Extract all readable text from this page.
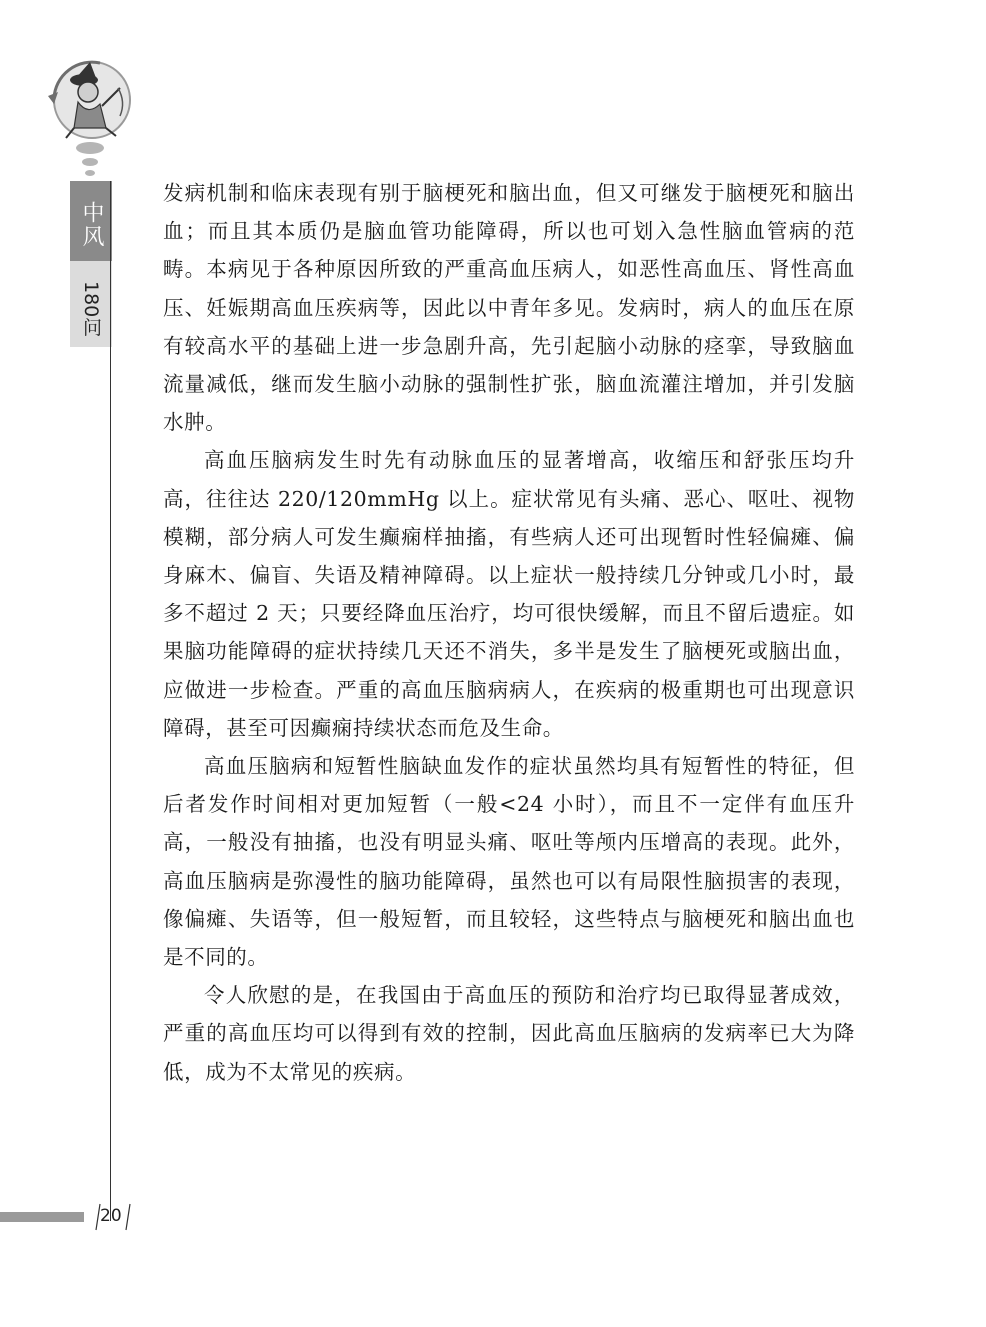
中风
180问

发病机制和临床表现有别于脑梗死和脑出血，但又可继发于脑梗死和脑出血；而且其本质仍是脑血管功能障碍，所以也可划入急性脑血管病的范畴。本病见于各种原因所致的严重高血压病人，如恶性高血压、肾性高血压、妊娠期高血压疾病等，因此以中青年多见。发病时，病人的血压在原有较高水平的基础上进一步急剧升高，先引起脑小动脉的痉挛，导致脑血流量减低，继而发生脑小动脉的强制性扩张，脑血流灌注增加，并引发脑水肿。

高血压脑病发生时先有动脉血压的显著增高，收缩压和舒张压均升高，往往达 220/120mmHg 以上。症状常见有头痛、恶心、呕吐、视物模糊，部分病人可发生癫痫样抽搐，有些病人还可出现暂时性轻偏瘫、偏身麻木、偏盲、失语及精神障碍。以上症状一般持续几分钟或几小时，最多不超过 2 天；只要经降血压治疗，均可很快缓解，而且不留后遗症。如果脑功能障碍的症状持续几天还不消失，多半是发生了脑梗死或脑出血，应做进一步检查。严重的高血压脑病病人，在疾病的极重期也可出现意识障碍，甚至可因癫痫持续状态而危及生命。

高血压脑病和短暂性脑缺血发作的症状虽然均具有短暂性的特征，但后者发作时间相对更加短暂（一般<24 小时），而且不一定伴有血压升高，一般没有抽搐，也没有明显头痛、呕吐等颅内压增高的表现。此外，高血压脑病是弥漫性的脑功能障碍，虽然也可以有局限性脑损害的表现，像偏瘫、失语等，但一般短暂，而且较轻，这些特点与脑梗死和脑出血也是不同的。

令人欣慰的是，在我国由于高血压的预防和治疗均已取得显著成效，严重的高血压均可以得到有效的控制，因此高血压脑病的发病率已大为降低，成为不太常见的疾病。

20
